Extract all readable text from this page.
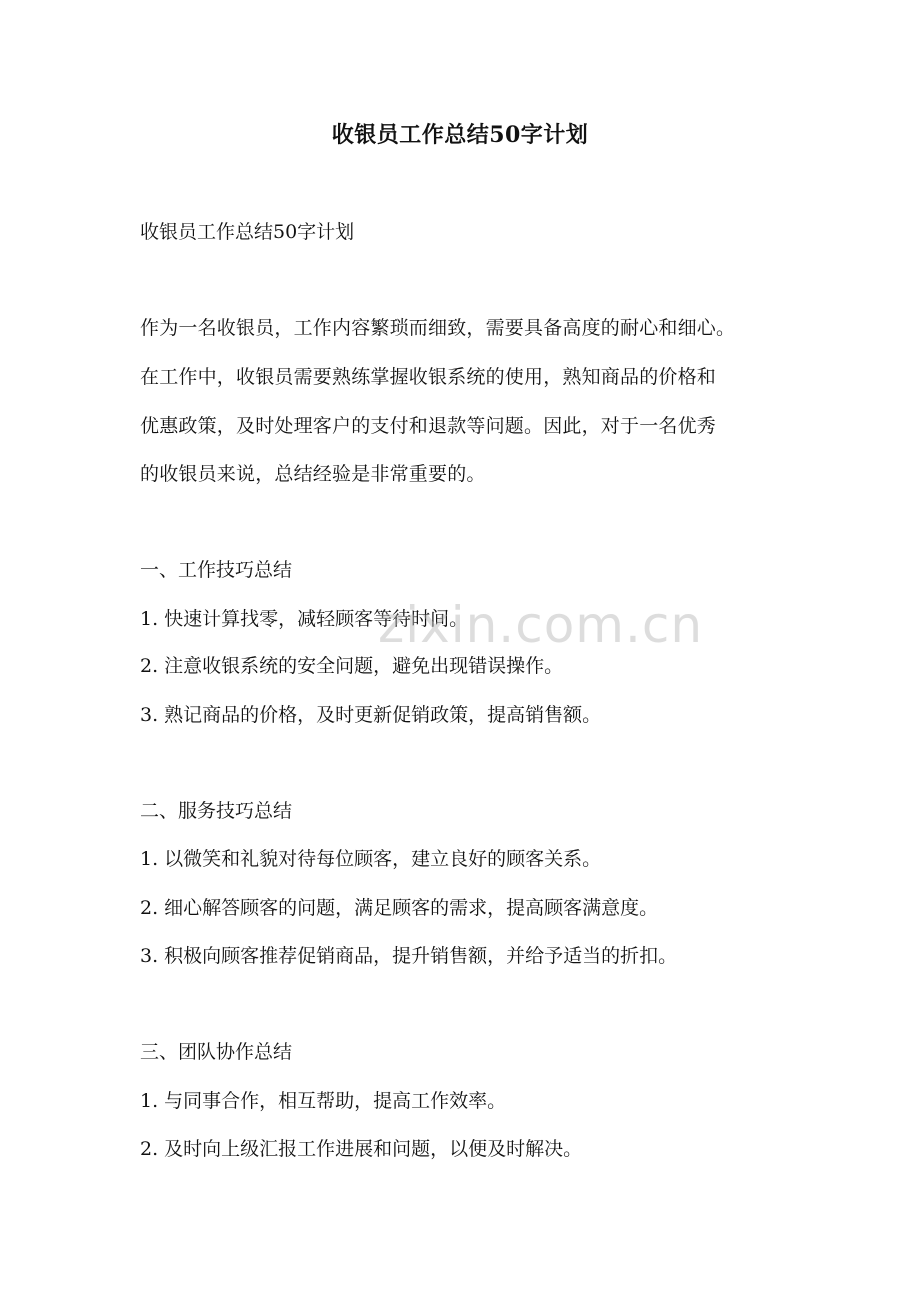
收银员工作总结50字计划

收银员工作总结50字计划

作为一名收银员，工作内容繁琐而细致，需要具备高度的耐心和细心。

在工作中，收银员需要熟练掌握收银系统的使用，熟知商品的价格和

优惠政策，及时处理客户的支付和退款等问题。因此，对于一名优秀

的收银员来说，总结经验是非常重要的。

一、工作技巧总结

1. 快速计算找零，减轻顾客等待时间。

2. 注意收银系统的安全问题，避免出现错误操作。

3. 熟记商品的价格，及时更新促销政策，提高销售额。

二、服务技巧总结

1. 以微笑和礼貌对待每位顾客，建立良好的顾客关系。

2. 细心解答顾客的问题，满足顾客的需求，提高顾客满意度。

3. 积极向顾客推荐促销商品，提升销售额，并给予适当的折扣。

三、团队协作总结

1. 与同事合作，相互帮助，提高工作效率。

2. 及时向上级汇报工作进展和问题，以便及时解决。

zixin.com.cn
